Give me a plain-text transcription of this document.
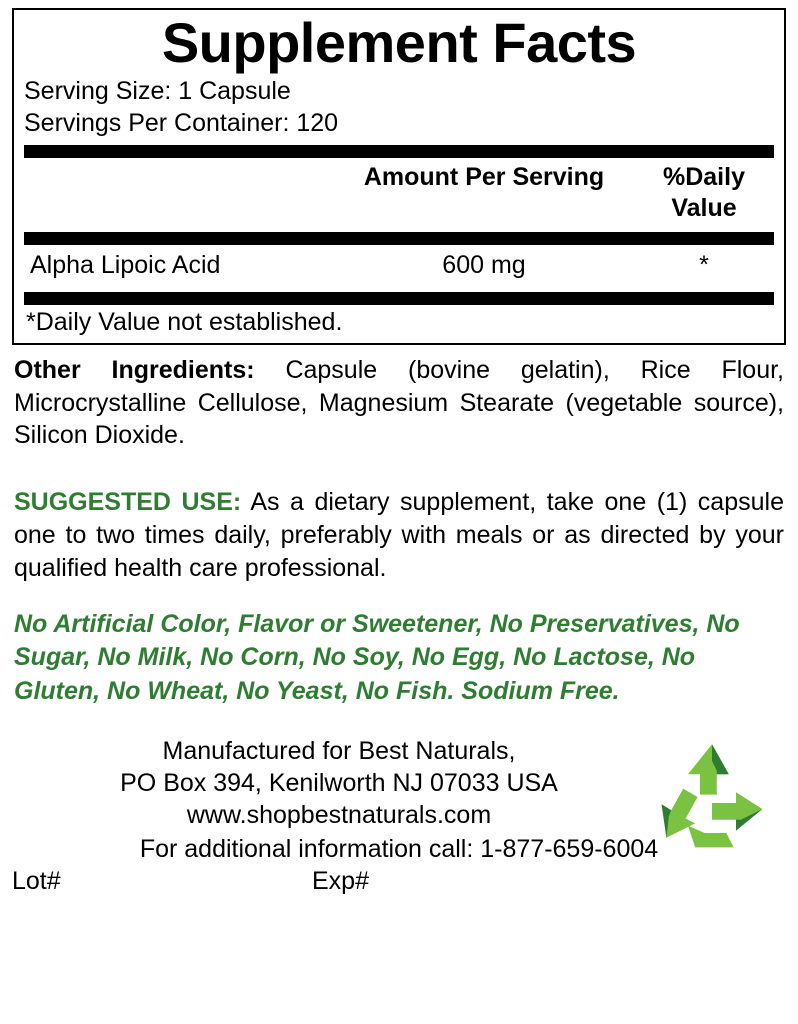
Supplement Facts
Serving Size: 1 Capsule
Servings Per Container: 120
Amount Per Serving	%Daily Value
Alpha Lipoic Acid	600 mg	*
*Daily Value not established.
Other Ingredients: Capsule (bovine gelatin), Rice Flour, Microcrystalline Cellulose, Magnesium Stearate (vegetable source), Silicon Dioxide.
SUGGESTED USE: As a dietary supplement, take one (1) capsule one to two times daily, preferably with meals or as directed by your qualified health care professional.
No Artificial Color, Flavor or Sweetener, No Preservatives, No Sugar, No Milk, No Corn, No Soy, No Egg, No Lactose, No Gluten, No Wheat, No Yeast, No Fish. Sodium Free.
Manufactured for Best Naturals,
PO Box 394, Kenilworth NJ 07033 USA
www.shopbestnaturals.com
For additional information call: 1-877-659-6004
Lot#	Exp#
